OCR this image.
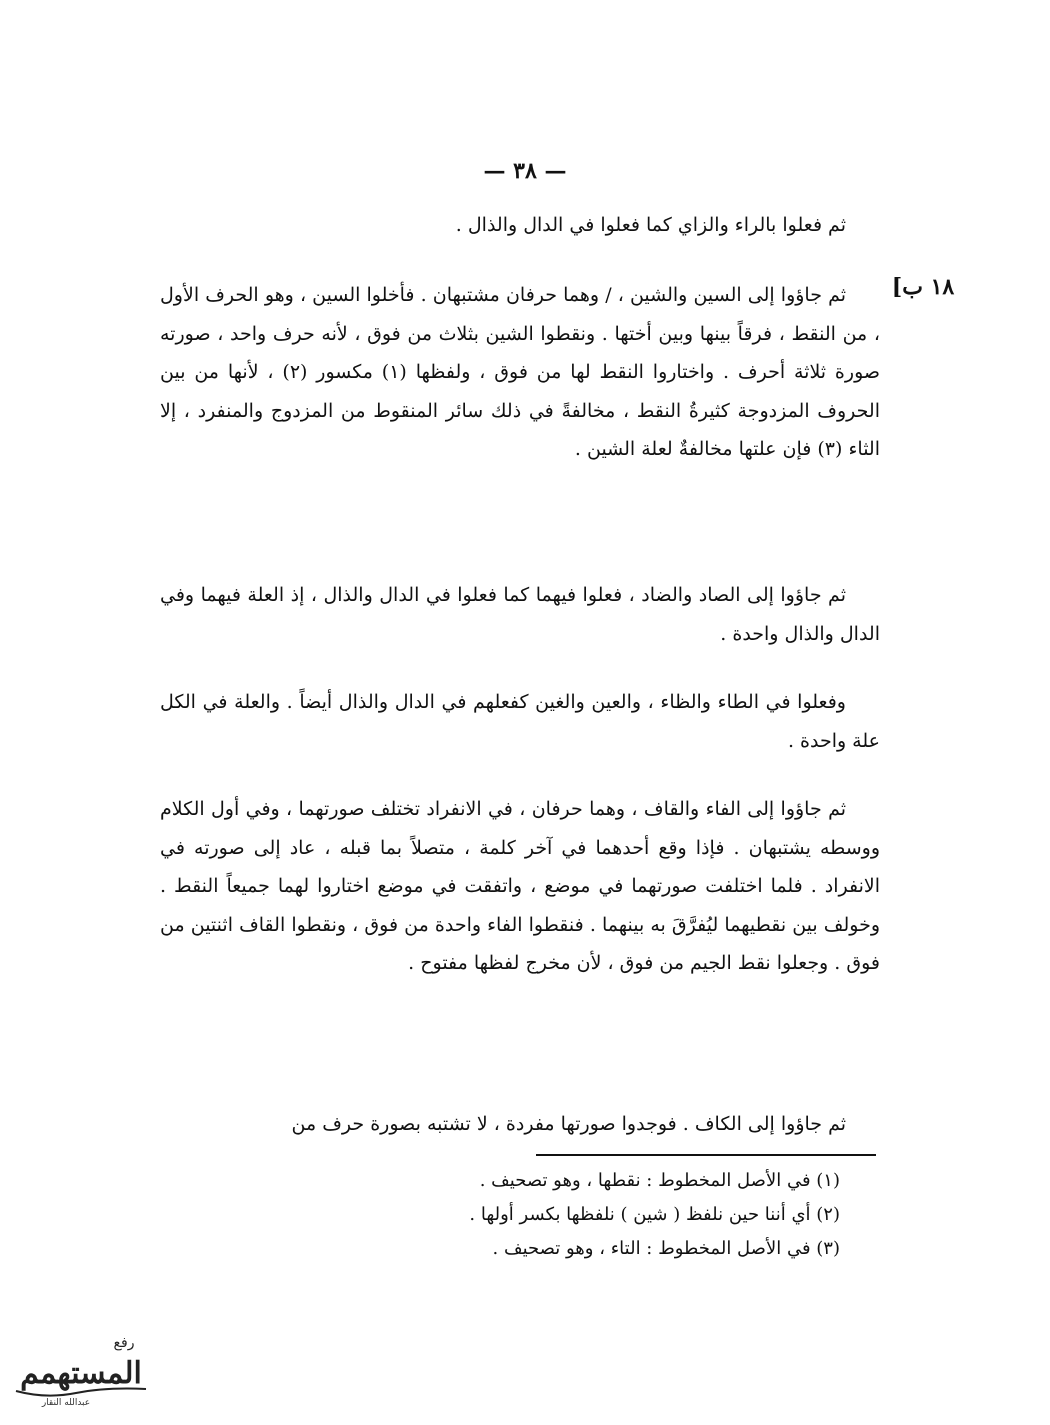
— ٣٨ —
١٨ ب]
ثم فعلوا بالراء والزاي كما فعلوا في الدال والذال .
ثم جاؤوا إلى السين والشين ، / وهما حرفان مشتبهان . فأخلوا السين ، وهو الحرف الأول ، من النقط ، فرقاً بينها وبين أختها . ونقطوا الشين بثلاث من فوق ، لأنه حرف واحد ، صورته صورة ثلاثة أحرف . واختاروا النقط لها من فوق ، ولفظها (١) مكسور (٢) ، لأنها من بين الحروف المزدوجة كثيرةُ النقط ، مخالفةً في ذلك سائر المنقوط من المزدوج والمنفرد ، إلا الثاء (٣) فإن علتها مخالفةٌ لعلة الشين .
ثم جاؤوا إلى الصاد والضاد ، فعلوا فيهما كما فعلوا في الدال والذال ، إذ العلة فيهما وفي الدال والذال واحدة .
وفعلوا في الطاء والظاء ، والعين والغين كفعلهم في الدال والذال أيضاً . والعلة في الكل علة واحدة .
ثم جاؤوا إلى الفاء والقاف ، وهما حرفان ، في الانفراد تختلف صورتهما ، وفي أول الكلام ووسطه يشتبهان . فإذا وقع أحدهما في آخر كلمة ، متصلاً بما قبله ، عاد إلى صورته في الانفراد . فلما اختلفت صورتهما في موضع ، واتفقت في موضع اختاروا لهما جميعاً النقط . وخولف بين نقطيهما ليُفرَّقَ به بينهما . فنقطوا الفاء واحدة من فوق ، ونقطوا القاف اثنتين من فوق . وجعلوا نقط الجيم من فوق ، لأن مخرج لفظها مفتوح .
ثم جاؤوا إلى الكاف . فوجدوا صورتها مفردة ، لا تشتبه بصورة حرف من
(١) في الأصل المخطوط : نقطها ، وهو تصحيف .
(٢) أي أننا حين نلفظ ( شين ) نلفظها بكسر أولها .
(٣) في الأصل المخطوط : التاء ، وهو تصحيف .
رفع
المستهمم
عبدالله النقار
